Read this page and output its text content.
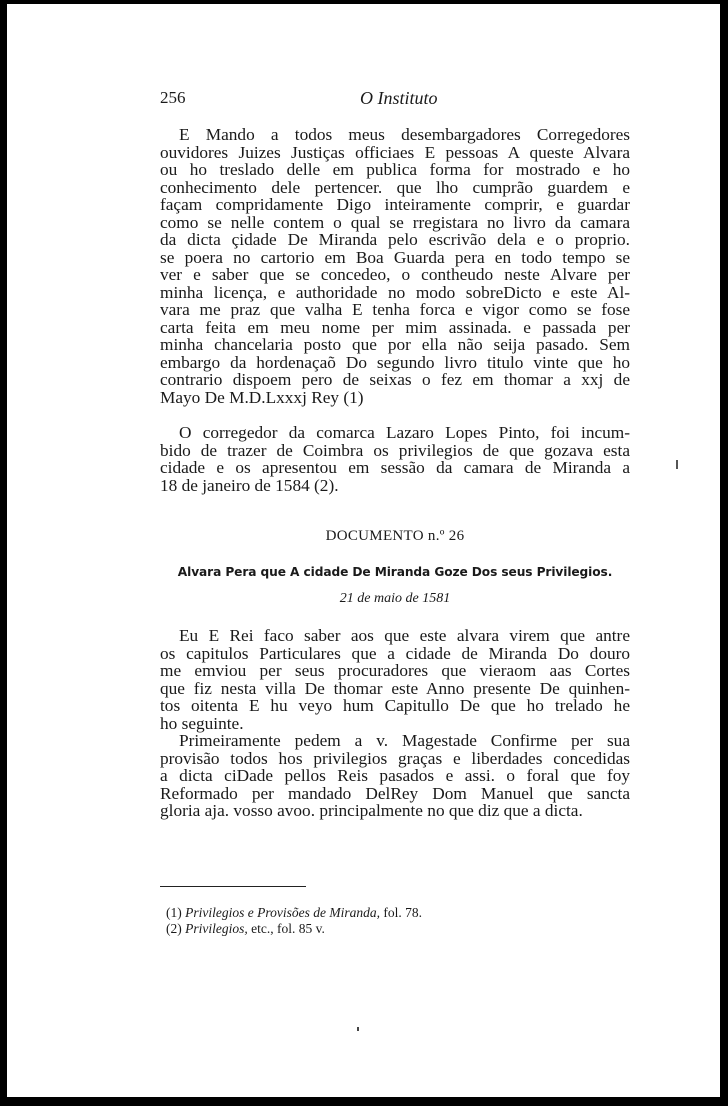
256	O Instituto
E Mando a todos meus desembargadores Corregedores
ouvidores Juizes Justiças officiaes E pessoas A queste Alvara
ou ho treslado delle em publica forma for mostrado e ho
conhecimento dele pertencer. que lho cumprão guardem e
façam compridamente Digo inteiramente comprir, e guardar
como se nelle contem o qual se rregistara no livro da camara
da dicta çidade De Miranda pelo escrivão dela e o proprio.
se poera no cartorio em Boa Guarda pera en todo tempo se
ver e saber que se concedeo, o contheudo neste Alvare per
minha licença, e authoridade no modo sobreDicto e este Al-
vara me praz que valha E tenha forca e vigor como se fose
carta feita em meu nome per mim assinada. e passada per
minha chancelaria posto que por ella não seija pasado. Sem
embargo da hordenaçaõ Do segundo livro titulo vinte que ho
contrario dispoem pero de seixas o fez em thomar a xxj de
Mayo De M.D.Lxxxj Rey (1)
O corregedor da comarca Lazaro Lopes Pinto, foi incum-
bido de trazer de Coimbra os privilegios de que gozava esta
cidade e os apresentou em sessão da camara de Miranda a
18 de janeiro de 1584 (2).
DOCUMENTO n.º 26
Alvara Pera que A cidade De Miranda Goze Dos seus Privilegios.
21 de maio de 1581
Eu E Rei faco saber aos que este alvara virem que antre
os capitulos Particulares que a cidade de Miranda Do douro
me emviou per seus procuradores que vieraom aas Cortes
que fiz nesta villa De thomar este Anno presente De quinhen-
tos oitenta E hu veyo hum Capitullo De que ho trelado he
ho seguinte.
Primeiramente pedem a v. Magestade Confirme per sua
provisão todos hos privilegios graças e liberdades concedidas
a dicta ciDade pellos Reis pasados e assi. o foral que foy
Reformado per mandado DelRey Dom Manuel que sancta
gloria aja. vosso avoo. principalmente no que diz que a dicta.
(1) Privilegios e Provisões de Miranda, fol. 78.
(2) Privilegios, etc., fol. 85 v.
